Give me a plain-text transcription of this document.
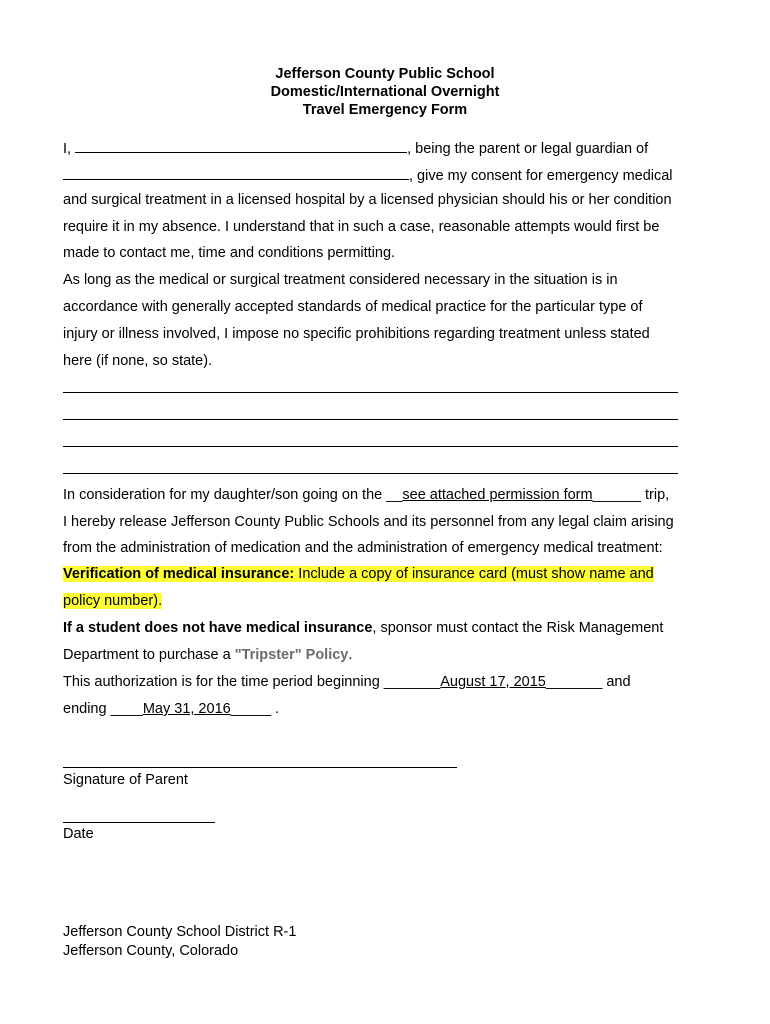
Jefferson County Public School
Domestic/International Overnight
Travel Emergency Form
I,	, being the parent or legal guardian of
, give my consent for emergency medical
and surgical treatment in a licensed hospital by a licensed physician should his or her condition
require it in my absence. I understand that in such a case, reasonable attempts would first be
made to contact me, time and conditions permitting.
As long as the medical or surgical treatment considered necessary in the situation is in
accordance with generally accepted standards of medical practice for the particular type of
injury or illness involved, I impose no specific prohibitions regarding treatment unless stated
here (if none, so state).
In consideration for my daughter/son going on the __see attached permission form______ trip,
I hereby release Jefferson County Public Schools and its personnel from any legal claim arising
from the administration of medication and the administration of emergency medical treatment:
Verification of medical insurance: Include a copy of insurance card (must show name and
policy number).
If a student does not have medical insurance, sponsor must contact the Risk Management
Department to purchase a "Tripster" Policy.
This authorization is for the time period beginning _______August 17, 2015_______ and
ending ____May 31, 2016_____ .
Signature of Parent
Date
Jefferson County School District R-1
Jefferson County, Colorado
